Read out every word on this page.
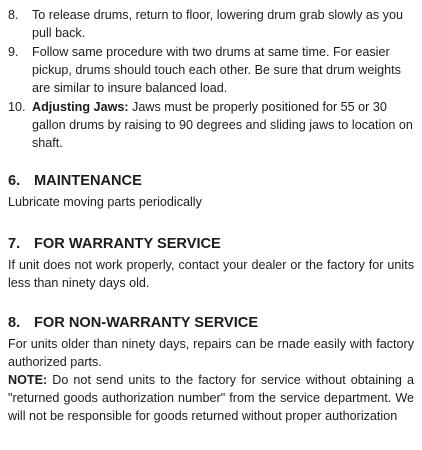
8. To release drums, return to floor, lowering drum grab slowly as you pull back.
9. Follow same procedure with two drums at same time. For easier pickup, drums should touch each other. Be sure that drum weights are similar to insure balanced load.
10. Adjusting Jaws: Jaws must be properly positioned for 55 or 30 gallon drums by raising to 90 degrees and sliding jaws to location on shaft.
6. MAINTENANCE

Lubricate moving parts periodically

7. FOR WARRANTY SERVICE

If unit does not work properly, contact your dealer or the factory for units less than ninety days old.

8. FOR NON-WARRANTY SERVICE

For units older than ninety days, repairs can be rnade easily with factory authorized parts.

NOTE: Do not send units to the factory for service without obtaining a "returned goods authorization number" from the service department. We will not be responsible for goods returned without proper authorization
